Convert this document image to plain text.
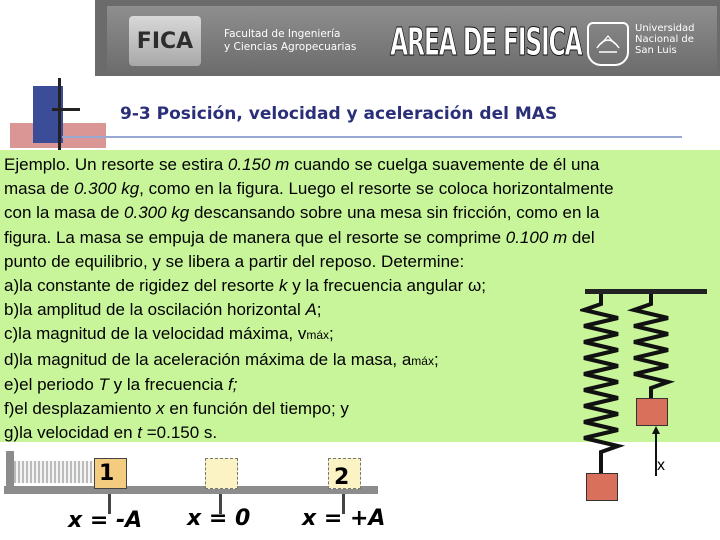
FICA	Facultad de Ingeniería
y Ciencias Agropecuarias AREA DE FISICA	Universidad
Nacional de
San Luis
9-3 Posición, velocidad y aceleración del MAS

Ejemplo. Un resorte se estira 0.150 m cuando se cuelga suavemente de él una

masa de 0.300 kg, como en la figura. Luego el resorte se coloca horizontalmente

con la masa de 0.300 kg descansando sobre una mesa sin fricción, como en la

figura. La masa se empuja de manera que el resorte se comprime 0.100 m del

punto de equilibrio, y se libera a partir del reposo. Determine:

a)la constante de rigidez del resorte k y la frecuencia angular ω;

b)la amplitud de la oscilación horizontal A;

c)la magnitud de la velocidad máxima, vmáx;

d)la magnitud de la aceleración máxima de la masa, amáx;

e)el periodo T y la frecuencia f;

f)el desplazamiento x en función del tiempo; y

g)la velocidad en t =0.150 s.

x
1	2
x = -A x = 0 x = +A
